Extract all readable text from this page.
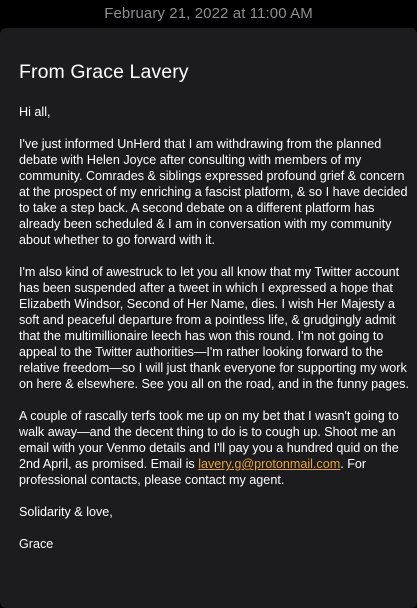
February 21, 2022 at 11:00 AM
From Grace Lavery

Hi all,

I've just informed UnHerd that I am withdrawing from the planned debate with Helen Joyce after consulting with members of my community. Comrades & siblings expressed profound grief & concern at the prospect of my enriching a fascist platform, & so I have decided to take a step back. A second debate on a different platform has already been scheduled & I am in conversation with my community about whether to go forward with it.

I'm also kind of awestruck to let you all know that my Twitter account has been suspended after a tweet in which I expressed a hope that Elizabeth Windsor, Second of Her Name, dies. I wish Her Majesty a soft and peaceful departure from a pointless life, & grudgingly admit that the multimillionaire leech has won this round. I'm not going to appeal to the Twitter authorities—I'm rather looking forward to the relative freedom—so I will just thank everyone for supporting my work on here & elsewhere. See you all on the road, and in the funny pages.

A couple of rascally terfs took me up on my bet that I wasn't going to walk away—and the decent thing to do is to cough up. Shoot me an email with your Venmo details and I'll pay you a hundred quid on the 2nd April, as promised. Email is lavery.g@protonmail.com. For professional contacts, please contact my agent.

Solidarity & love,

Grace
